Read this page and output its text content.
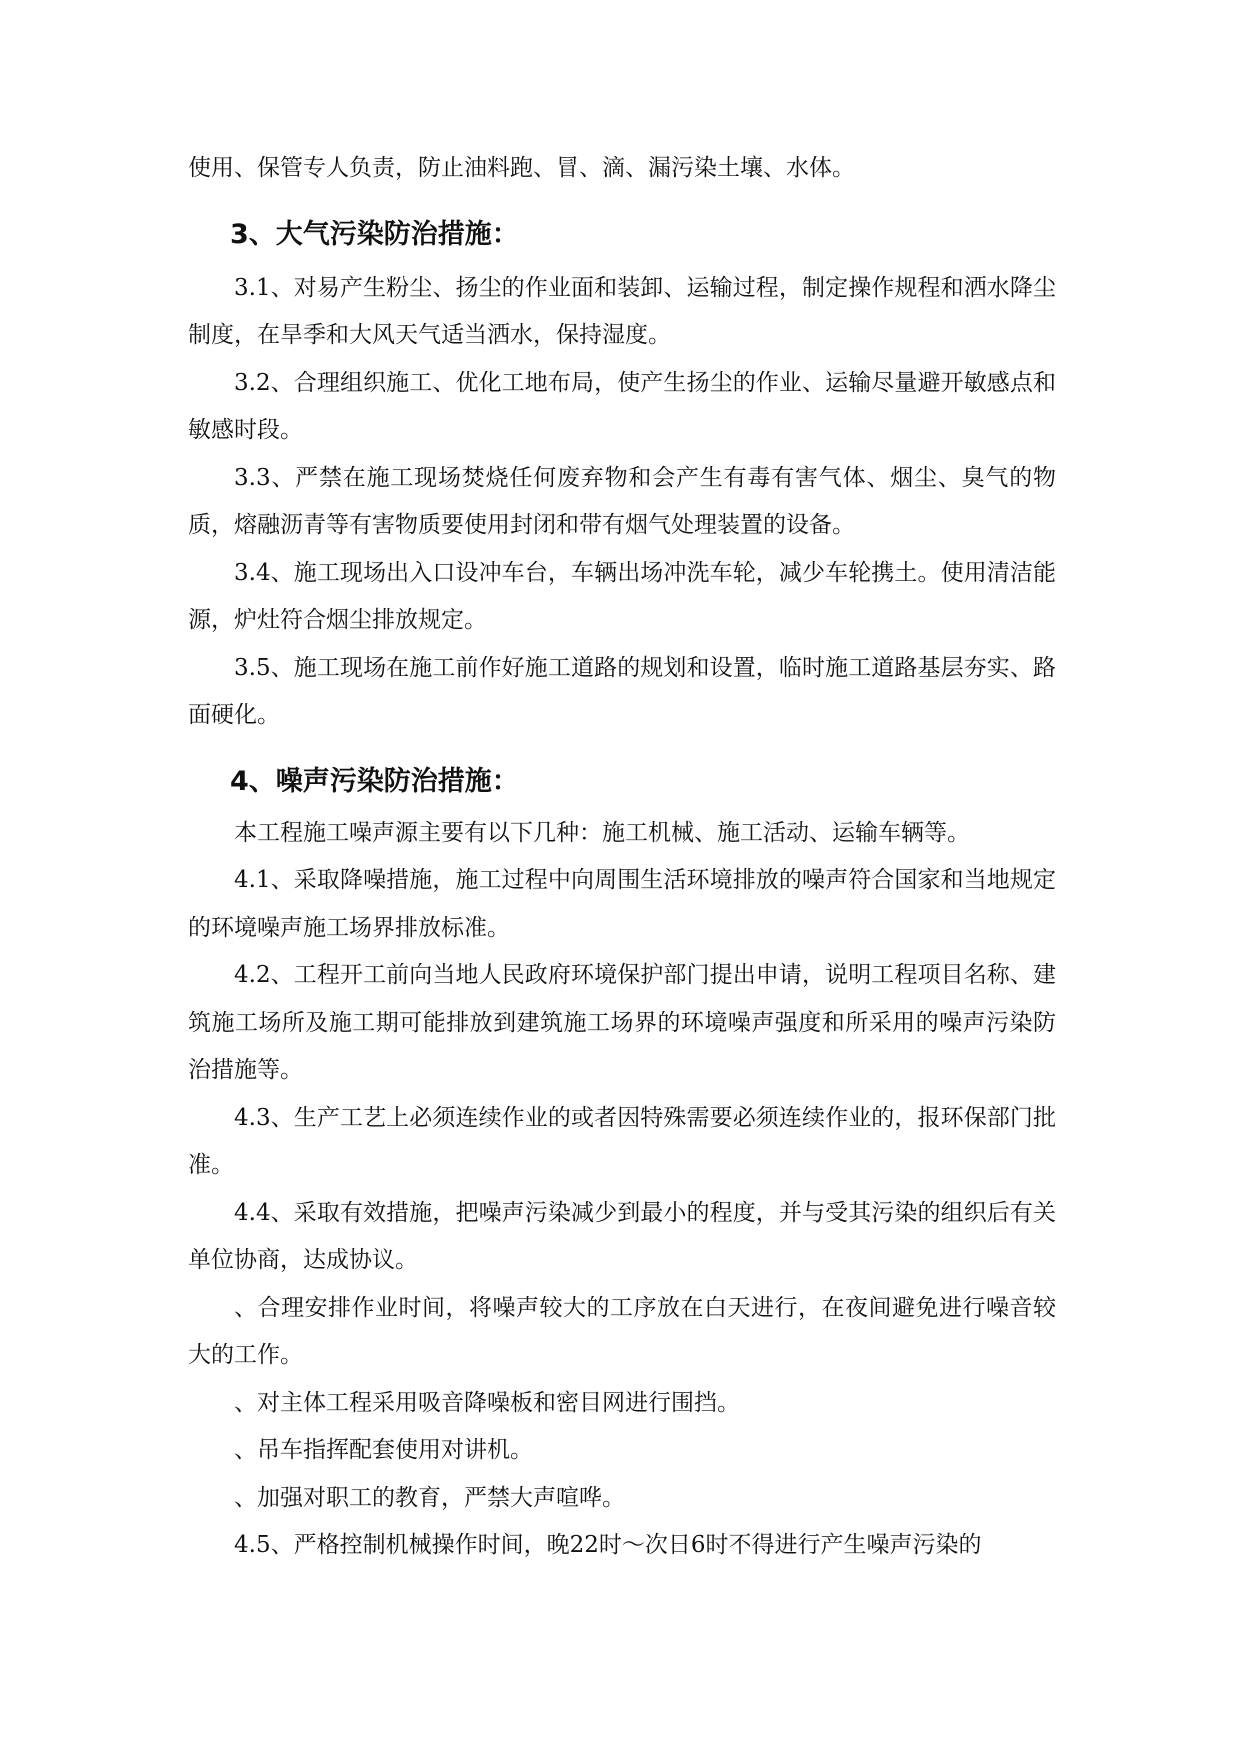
使用、保管专人负责，防止油料跑、冒、滴、漏污染土壤、水体。

3、大气污染防治措施：

3.1、对易产生粉尘、扬尘的作业面和装卸、运输过程，制定操作规程和洒水降尘制度，在旱季和大风天气适当洒水，保持湿度。

3.2、合理组织施工、优化工地布局，使产生扬尘的作业、运输尽量避开敏感点和敏感时段。

3.3、严禁在施工现场焚烧任何废弃物和会产生有毒有害气体、烟尘、臭气的物质，熔融沥青等有害物质要使用封闭和带有烟气处理装置的设备。

3.4、施工现场出入口设冲车台，车辆出场冲洗车轮，减少车轮携土。使用清洁能源，炉灶符合烟尘排放规定。

3.5、施工现场在施工前作好施工道路的规划和设置，临时施工道路基层夯实、路面硬化。

4、噪声污染防治措施：

本工程施工噪声源主要有以下几种：施工机械、施工活动、运输车辆等。

4.1、采取降噪措施，施工过程中向周围生活环境排放的噪声符合国家和当地规定的环境噪声施工场界排放标准。

4.2、工程开工前向当地人民政府环境保护部门提出申请，说明工程项目名称、建筑施工场所及施工期可能排放到建筑施工场界的环境噪声强度和所采用的噪声污染防治措施等。

4.3、生产工艺上必须连续作业的或者因特殊需要必须连续作业的，报环保部门批准。

4.4、采取有效措施，把噪声污染减少到最小的程度，并与受其污染的组织后有关单位协商，达成协议。

、合理安排作业时间，将噪声较大的工序放在白天进行，在夜间避免进行噪音较大的工作。

、对主体工程采用吸音降噪板和密目网进行围挡。

、吊车指挥配套使用对讲机。

、加强对职工的教育，严禁大声喧哗。

4.5、严格控制机械操作时间，晚22时～次日6时不得进行产生噪声污染的
